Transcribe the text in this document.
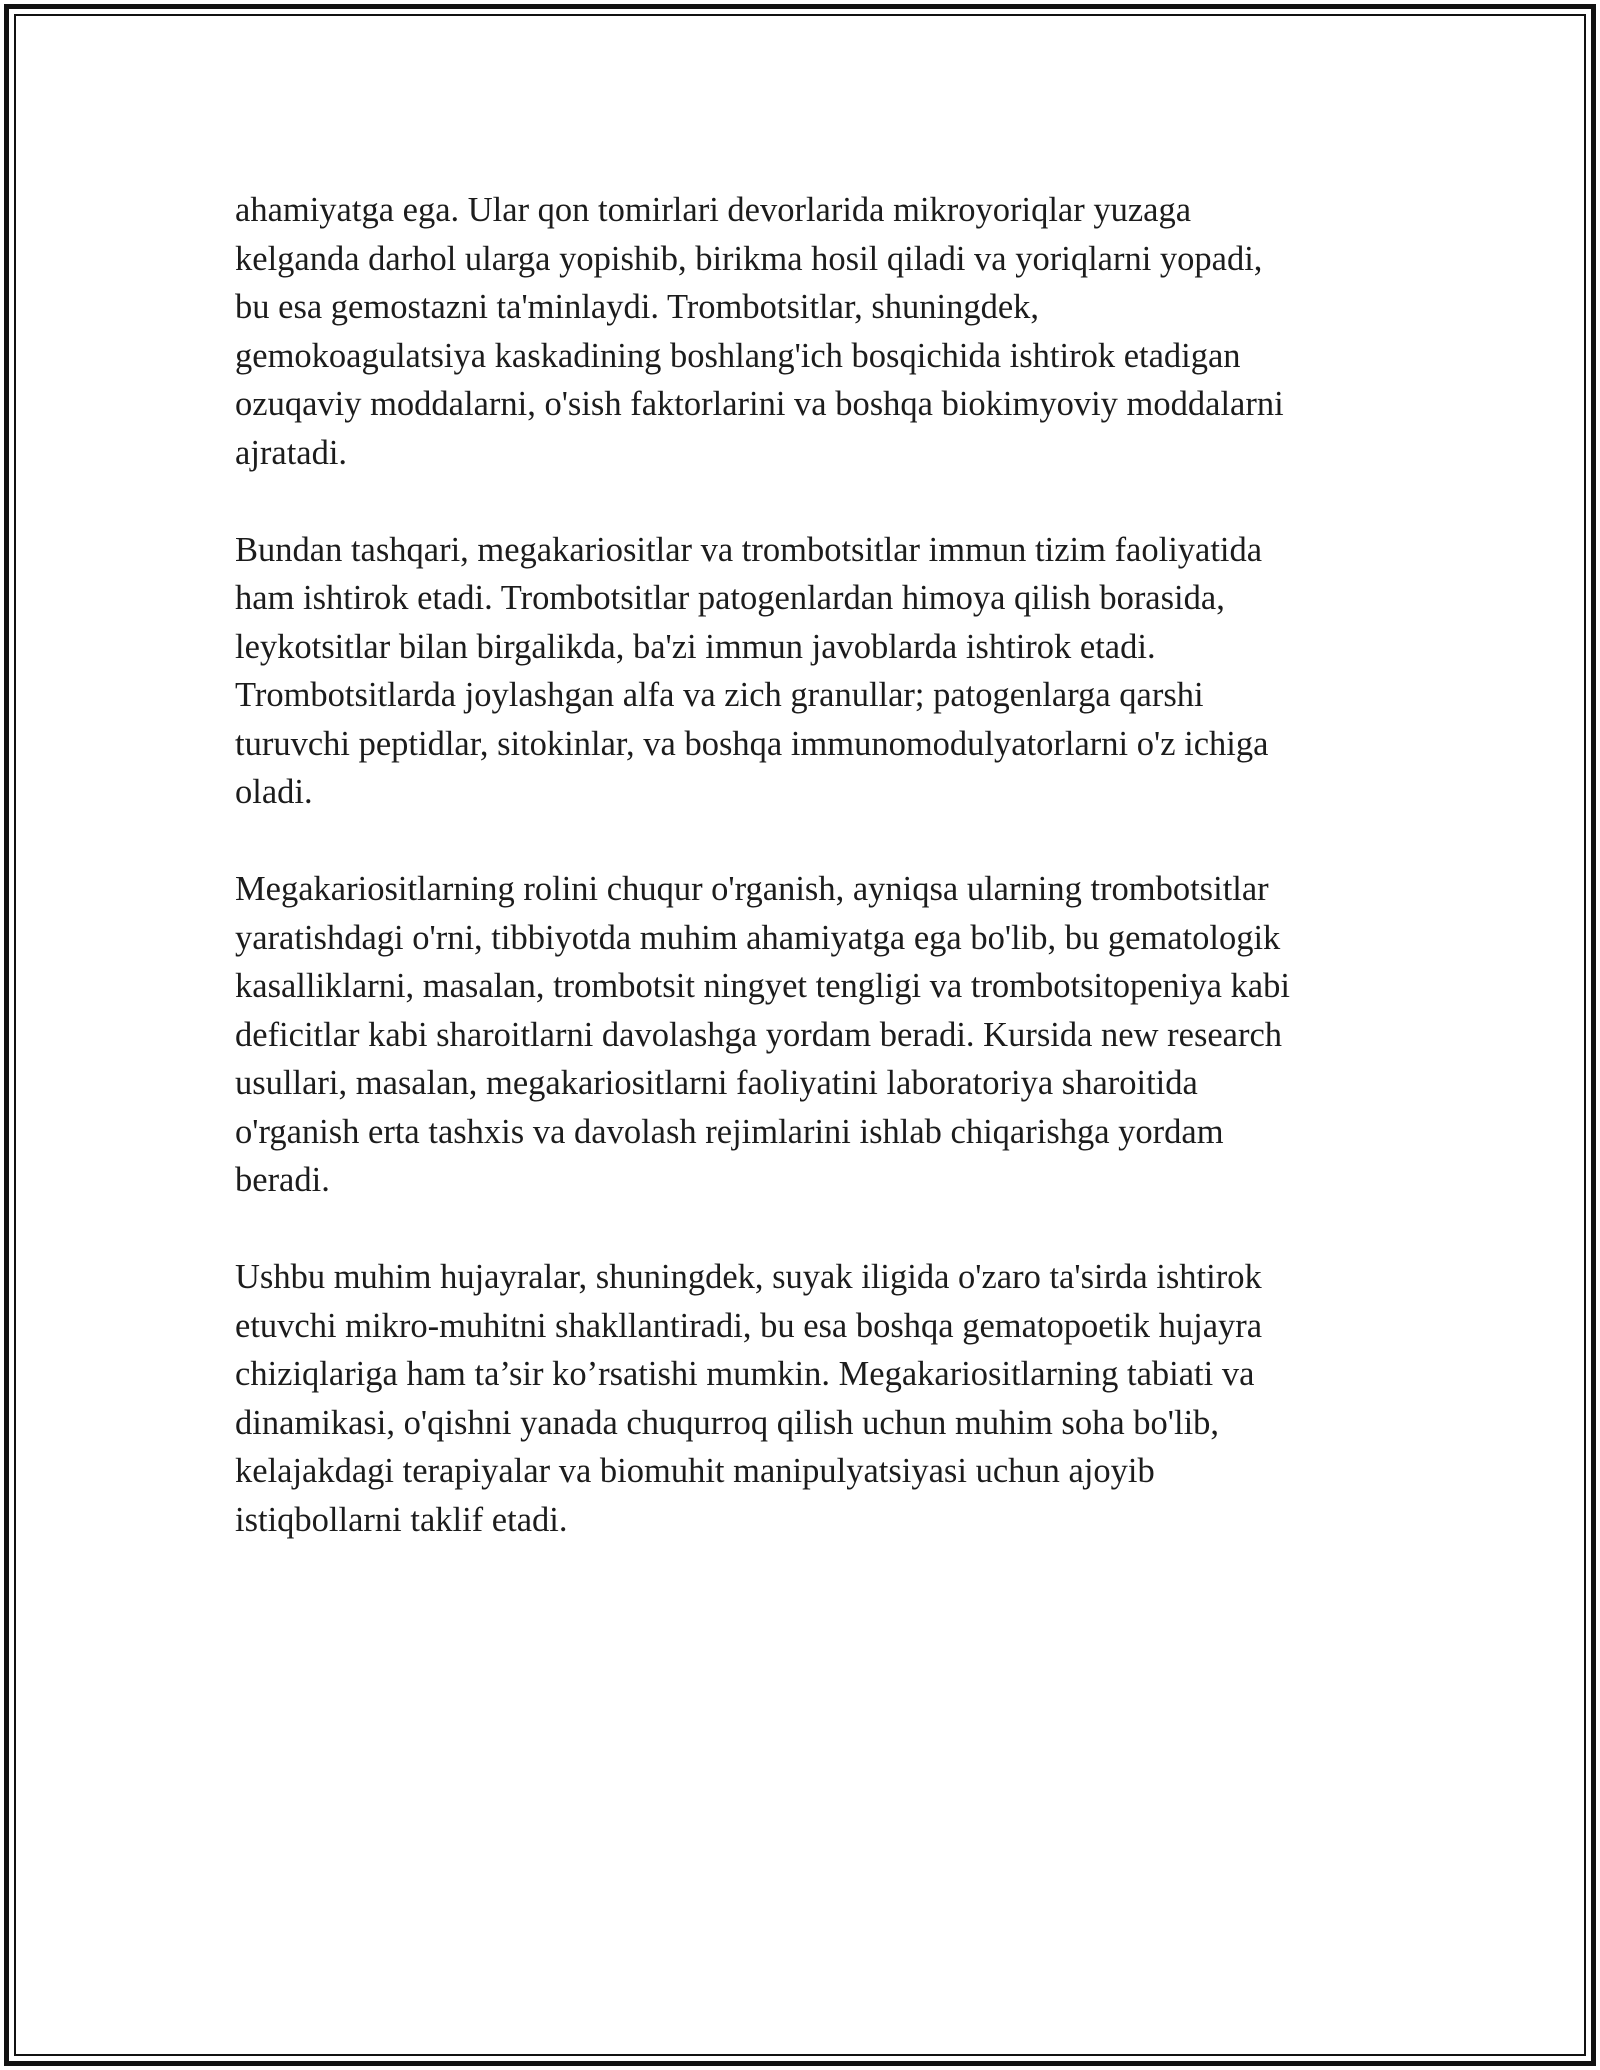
ahamiyatga ega. Ular qon tomirlari devorlarida mikroyoriqlar yuzaga
kelganda darhol ularga yopishib, birikma hosil qiladi va yoriqlarni yopadi,
bu esa gemostazni ta'minlaydi. Trombotsitlar, shuningdek,
gemokoagulatsiya kaskadining boshlang'ich bosqichida ishtirok etadigan
ozuqaviy moddalarni, o'sish faktorlarini va boshqa biokimyoviy moddalarni
ajratadi.

Bundan tashqari, megakariositlar va trombotsitlar immun tizim faoliyatida
ham ishtirok etadi. Trombotsitlar patogenlardan himoya qilish borasida,
leykotsitlar bilan birgalikda, ba'zi immun javoblarda ishtirok etadi.
Trombotsitlarda joylashgan alfa va zich granullar; patogenlarga qarshi
turuvchi peptidlar, sitokinlar, va boshqa immunomodulyatorlarni o'z ichiga
oladi.

Megakariositlarning rolini chuqur o'rganish, ayniqsa ularning trombotsitlar
yaratishdagi o'rni, tibbiyotda muhim ahamiyatga ega bo'lib, bu gematologik
kasalliklarni, masalan, trombotsit ningyet tengligi va trombotsitopeniya kabi
deficitlar kabi sharoitlarni davolashga yordam beradi. Kursida new research
usullari, masalan, megakariositlarni faoliyatini laboratoriya sharoitida
o'rganish erta tashxis va davolash rejimlarini ishlab chiqarishga yordam
beradi.

Ushbu muhim hujayralar, shuningdek, suyak iligida o'zaro ta'sirda ishtirok
etuvchi mikro-muhitni shakllantiradi, bu esa boshqa gematopoetik hujayra
chiziqlariga ham ta’sir ko’rsatishi mumkin. Megakariositlarning tabiati va
dinamikasi, o'qishni yanada chuqurroq qilish uchun muhim soha bo'lib,
kelajakdagi terapiyalar va biomuhit manipulyatsiyasi uchun ajoyib
istiqbollarni taklif etadi.
